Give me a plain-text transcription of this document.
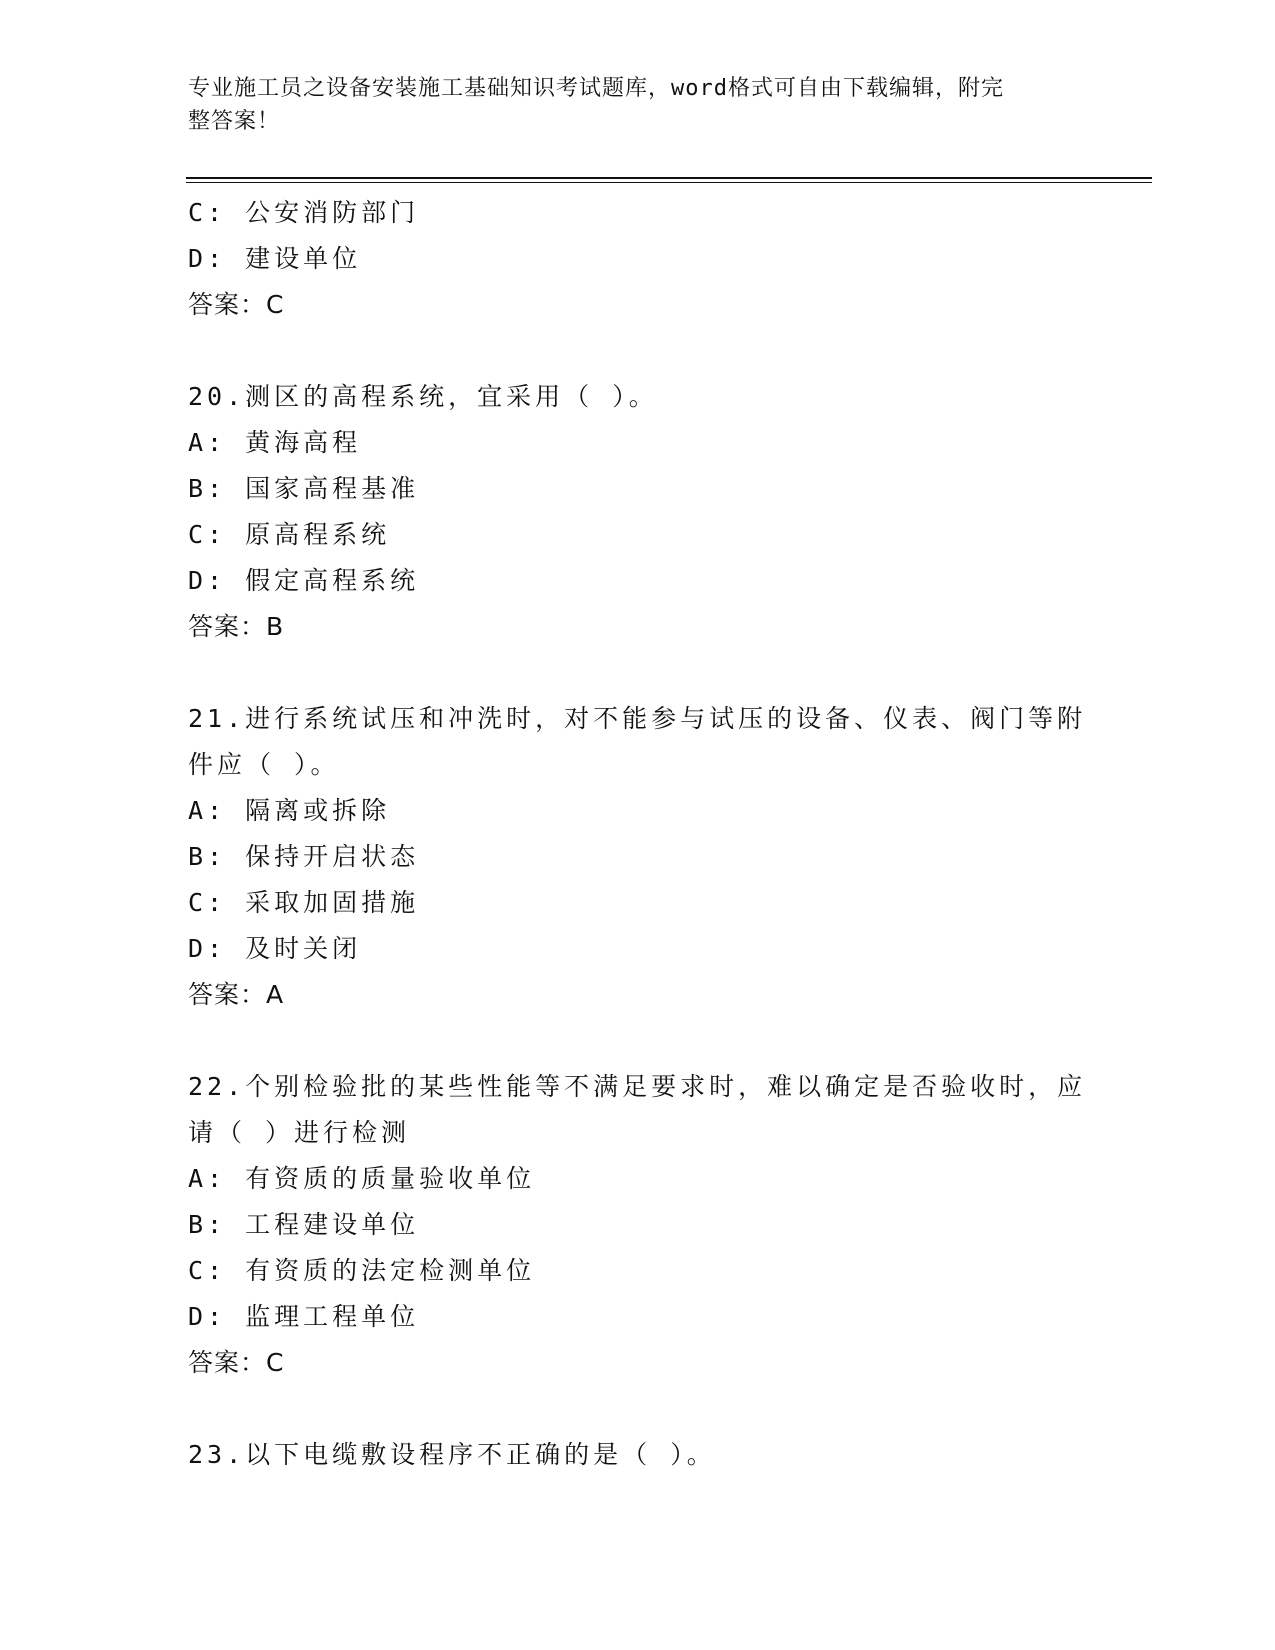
专业施工员之设备安装施工基础知识考试题库，word格式可自由下载编辑，附完
整答案！
C: 公安消防部门
D: 建设单位
答案：C
20.测区的高程系统，宜采用（ ）。
A: 黄海高程
B: 国家高程基准
C: 原高程系统
D: 假定高程系统
答案：B
21.进行系统试压和冲洗时，对不能参与试压的设备、仪表、阀门等附
件应（ ）。
A: 隔离或拆除
B: 保持开启状态
C: 采取加固措施
D: 及时关闭
答案：A
22.个别检验批的某些性能等不满足要求时，难以确定是否验收时，应
请（ ）进行检测
A: 有资质的质量验收单位
B: 工程建设单位
C: 有资质的法定检测单位
D: 监理工程单位
答案：C
23.以下电缆敷设程序不正确的是（ ）。
